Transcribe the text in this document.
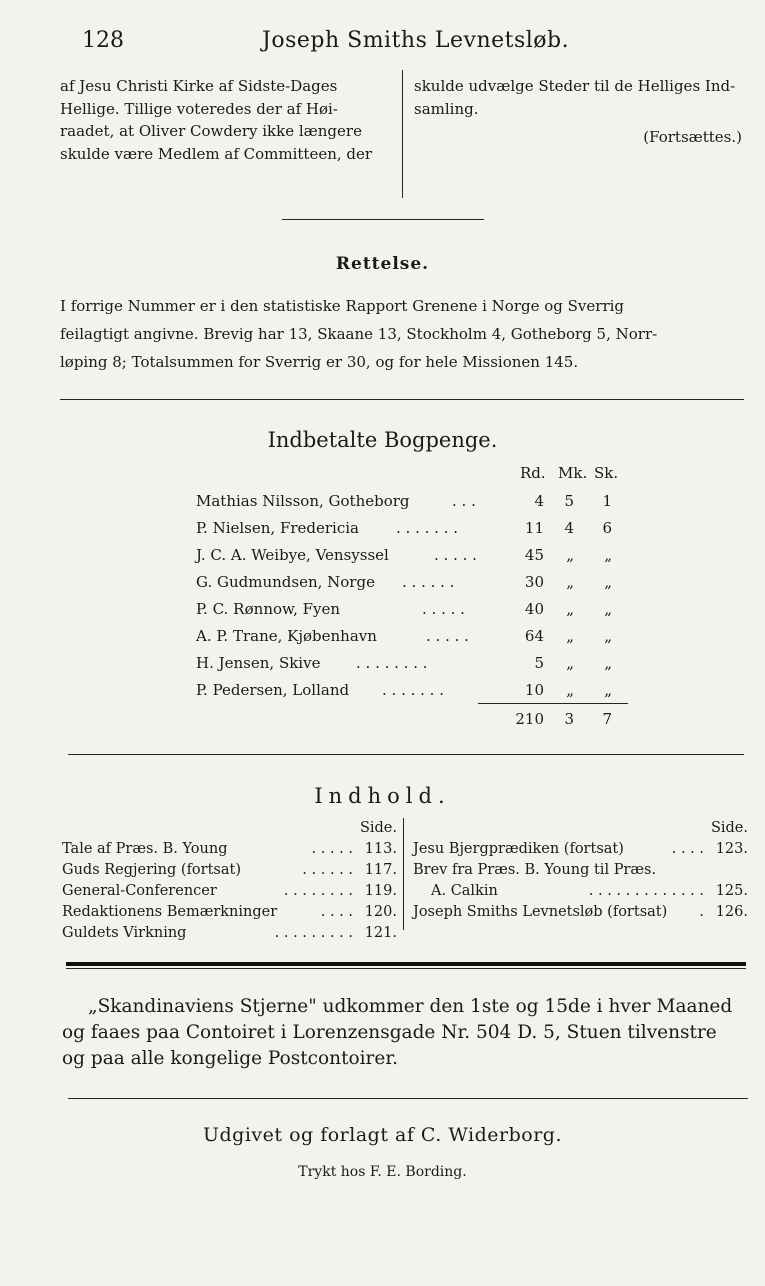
128	Joseph Smiths Levnetsløb.
af Jesu Christi Kirke af Sidste-Dages
Hellige. Tillige voteredes der af Høi-
raadet, at Oliver Cowdery ikke længere
skulde være Medlem af Committeen, der
skulde udvælge Steder til de Helliges Ind-
samling.
(Fortsættes.)
Rettelse.
I forrige Nummer er i den statistiske Rapport Grenene i Norge og Sverrig
feilagtigt angivne. Brevig har 13, Skaane 13, Stockholm 4, Gotheborg 5, Norr-
løping 8; Totalsummen for Sverrig er 30, og for hele Missionen 145.
Indbetalte Bogpenge.
Rd. Mk. Sk.
Mathias Nilsson, Gotheborg	. . .	4	5	1
P. Nielsen, Fredericia . . . . . . .	11	4	6
J. C. A. Weibye, Vensyssel	. . . . .	45	„	„
G. Gudmundsen, Norge . . . . . .	30	„	„
P. C. Rønnow, Fyen	. . . . .	40	„	„
A. P. Trane, Kjøbenhavn	. . . . .	64	„	„
H. Jensen, Skive . . . . . . . .	5	„	„
P. Pedersen, Lolland . . . . . . .	10	„	„
210	3	7
Indhold.
Side.
Tale af Præs. B. Young	. . . . . 113.
Guds Regjering (fortsat)	. . . . . . 117.
General-Conferencer	. . . . . . . . 119.
Redaktionens Bemærkninger	. . . . 120.
Guldets Virkning	. . . . . . . . . 121.
Side.
Jesu Bjergprædiken (fortsat)	. . . . 123.
Brev fra Præs. B. Young til Præs.
A. Calkin	. . . . . . . . . . . . . 125.
Joseph Smiths Levnetsløb (fortsat) . 126.
„Skandinaviens Stjerne" udkommer den 1ste og 15de i hver Maaned
og faaes paa Contoiret i Lorenzensgade Nr. 504 D. 5, Stuen tilvenstre
og paa alle kongelige Postcontoirer.
Udgivet og forlagt af C. Widerborg.
Trykt hos F. E. Bording.
